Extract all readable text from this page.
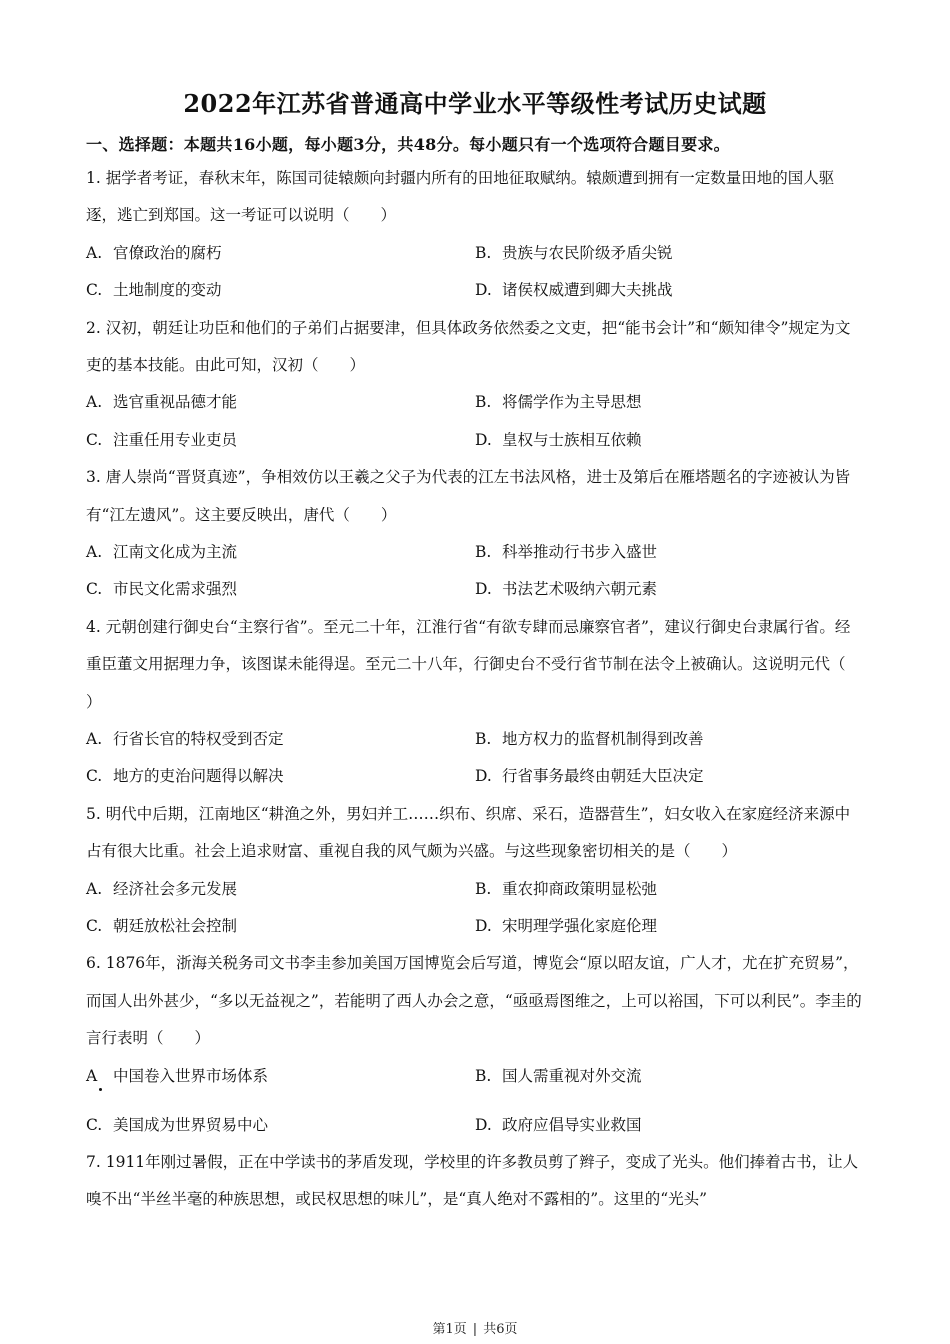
2022年江苏省普通高中学业水平等级性考试历史试题
一、选择题：本题共16小题，每小题3分，共48分。每小题只有一个选项符合题目要求。

1. 据学者考证，春秋末年，陈国司徒辕颇向封疆内所有的田地征取赋纳。辕颇遭到拥有一定数量田地的国人驱逐，逃亡到郑国。这一考证可以说明（　　）

A. 官僚政治的腐朽	B. 贵族与农民阶级矛盾尖锐
C. 土地制度的变动	D. 诸侯权威遭到卿大夫挑战

2. 汉初，朝廷让功臣和他们的子弟们占据要津，但具体政务依然委之文吏，把“能书会计”和“颇知律令”规定为文吏的基本技能。由此可知，汉初（　　）

A. 选官重视品德才能	B. 将儒学作为主导思想
C. 注重任用专业吏员	D. 皇权与士族相互依赖

3. 唐人崇尚“晋贤真迹”，争相效仿以王羲之父子为代表的江左书法风格，进士及第后在雁塔题名的字迹被认为皆有“江左遗风”。这主要反映出，唐代（　　）

A. 江南文化成为主流	B. 科举推动行书步入盛世
C. 市民文化需求强烈	D. 书法艺术吸纳六朝元素

4. 元朝创建行御史台“主察行省”。至元二十年，江淮行省“有欲专肆而忌廉察官者”，建议行御史台隶属行省。经重臣董文用据理力争，该图谋未能得逞。至元二十八年，行御史台不受行省节制在法令上被确认。这说明元代（　　）

A. 行省长官的特权受到否定	B. 地方权力的监督机制得到改善
C. 地方的吏治问题得以解决	D. 行省事务最终由朝廷大臣决定

5. 明代中后期，江南地区“耕渔之外，男妇并工……织布、织席、采石，造器营生”，妇女收入在家庭经济来源中占有很大比重。社会上追求财富、重视自我的风气颇为兴盛。与这些现象密切相关的是（　　）

A. 经济社会多元发展	B. 重农抑商政策明显松弛
C. 朝廷放松社会控制	D. 宋明理学强化家庭伦理

6. 1876年，浙海关税务司文书李圭参加美国万国博览会后写道，博览会“原以昭友谊，广人才，尤在扩充贸易”，而国人出外甚少，“多以无益视之”，若能明了西人办会之意，“亟亟焉图维之，上可以裕国，下可以利民”。李圭的言行表明（　　）

A 中国卷入世界市场体系	B. 国人需重视对外交流
C. 美国成为世界贸易中心	D. 政府应倡导实业救国

7. 1911年刚过暑假，正在中学读书的茅盾发现，学校里的许多教员剪了辫子，变成了光头。他们捧着古书，让人嗅不出“半丝半毫的种族思想，或民权思想的味儿”，是“真人绝对不露相的”。这里的“光头”

第1页 | 共6页
